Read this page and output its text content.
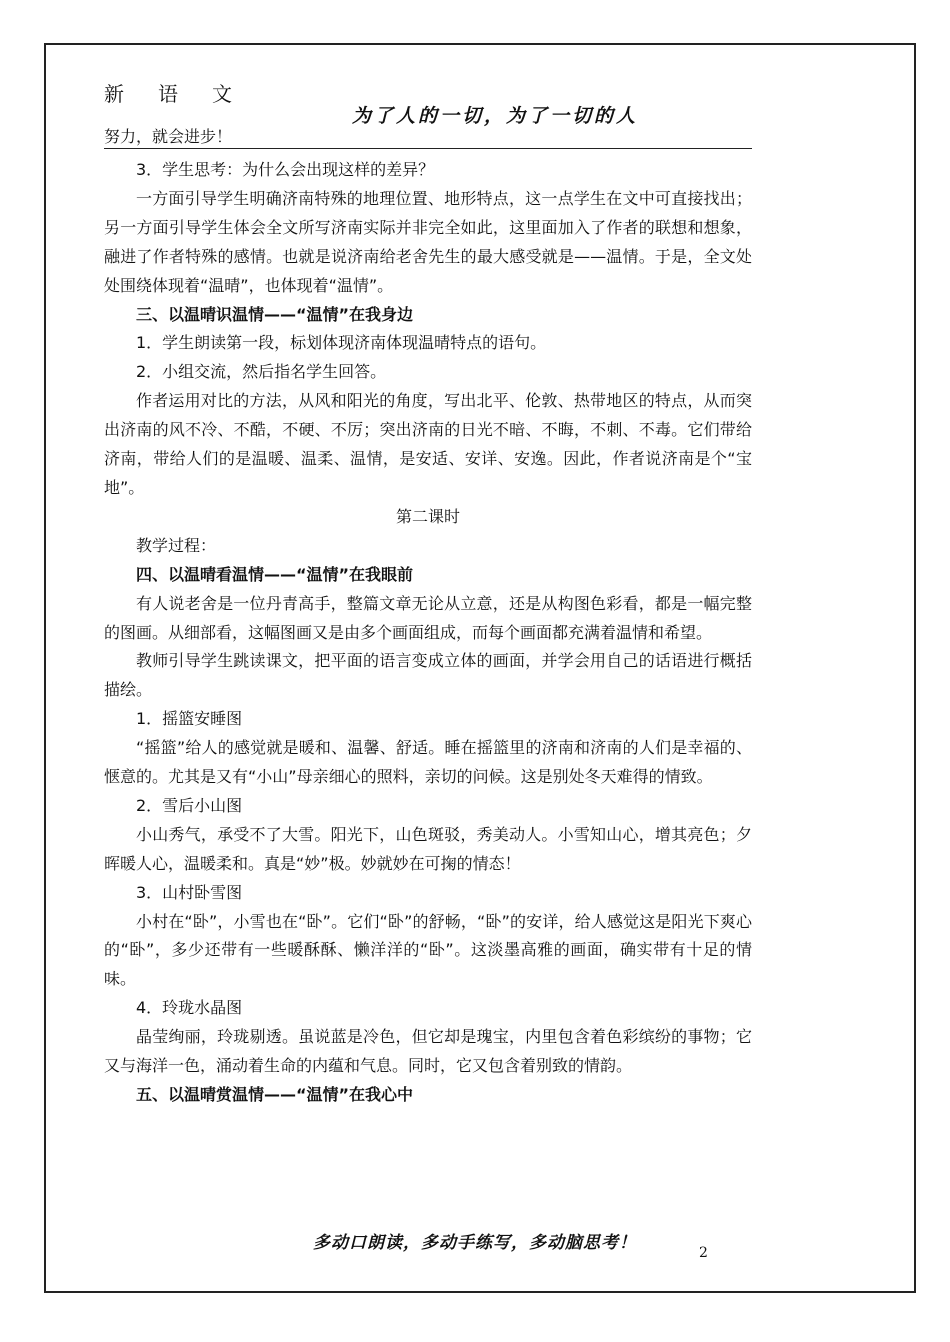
新语文
为了人的一切，为了一切的人
努力，就会进步！

3．学生思考：为什么会出现这样的差异？

一方面引导学生明确济南特殊的地理位置、地形特点，这一点学生在文中可直接找出；另一方面引导学生体会全文所写济南实际并非完全如此，这里面加入了作者的联想和想象，融进了作者特殊的感情。也就是说济南给老舍先生的最大感受就是——温情。于是，全文处处围绕体现着“温晴”，也体现着“温情”。

三、以温晴识温情——“温情”在我身边

1．学生朗读第一段，标划体现济南体现温晴特点的语句。

2．小组交流，然后指名学生回答。

作者运用对比的方法，从风和阳光的角度，写出北平、伦敦、热带地区的特点，从而突出济南的风不冷、不酷，不硬、不厉；突出济南的日光不暗、不晦，不刺、不毒。它们带给济南，带给人们的是温暖、温柔、温情，是安适、安详、安逸。因此，作者说济南是个“宝地”。

第二课时

教学过程：

四、以温晴看温情——“温情”在我眼前

有人说老舍是一位丹青高手，整篇文章无论从立意，还是从构图色彩看，都是一幅完整的图画。从细部看，这幅图画又是由多个画面组成，而每个画面都充满着温情和希望。

教师引导学生跳读课文，把平面的语言变成立体的画面，并学会用自己的话语进行概括描绘。

1．摇篮安睡图

“摇篮”给人的感觉就是暖和、温馨、舒适。睡在摇篮里的济南和济南的人们是幸福的、惬意的。尤其是又有“小山”母亲细心的照料，亲切的问候。这是别处冬天难得的情致。

2．雪后小山图

小山秀气，承受不了大雪。阳光下，山色斑驳，秀美动人。小雪知山心，增其亮色；夕晖暖人心，温暖柔和。真是“妙”极。妙就妙在可掬的情态！

3．山村卧雪图

小村在“卧”，小雪也在“卧”。它们“卧”的舒畅，“卧”的安详，给人感觉这是阳光下爽心的“卧”，多少还带有一些暖酥酥、懒洋洋的“卧”。这淡墨高雅的画面，确实带有十足的情味。

4．玲珑水晶图

晶莹绚丽，玲珑剔透。虽说蓝是冷色，但它却是瑰宝，内里包含着色彩缤纷的事物；它又与海洋一色，涌动着生命的内蕴和气息。同时，它又包含着别致的情韵。

五、以温晴赏温情——“温情”在我心中

多动口朗读，多动手练写，多动脑思考！	2
